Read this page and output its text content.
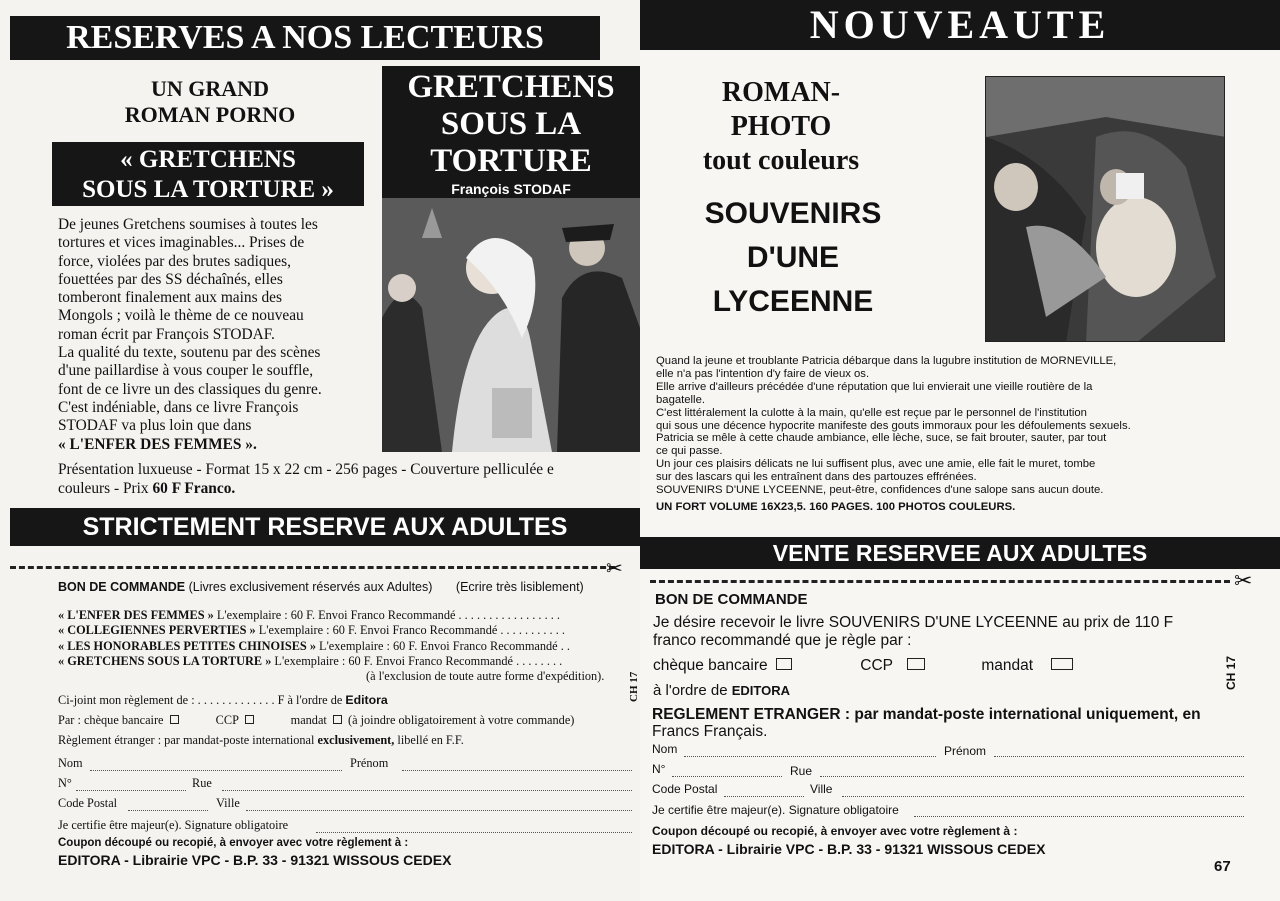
RESERVES A NOS LECTEURS
UN GRAND
ROMAN PORNO
« GRETCHENS
SOUS LA TORTURE »
GRETCHENS
SOUS LA
TORTURE
François STODAF
De jeunes Gretchens soumises à toutes les
tortures et vices imaginables... Prises de
force, violées par des brutes sadiques,
fouettées par des SS déchaînés, elles
tomberont finalement aux mains des
Mongols ; voilà le thème de ce nouveau
roman écrit par François STODAF.
La qualité du texte, soutenu par des scènes
d'une paillardise à vous couper le souffle,
font de ce livre un des classiques du genre.
C'est indéniable, dans ce livre François
STODAF va plus loin que dans
« L'ENFER DES FEMMES ».
Présentation luxueuse - Format 15 x 22 cm - 256 pages - Couverture pelliculée e
couleurs - Prix 60 F Franco.
STRICTEMENT RESERVE AUX ADULTES
✂
BON DE COMMANDE (Livres exclusivement réservés aux Adultes) (Ecrire très lisiblement)
« L'ENFER DES FEMMES » L'exemplaire : 60 F. Envoi Franco Recommandé . . . . . . . . . . . . . . . . .
« COLLEGIENNES PERVERTIES » L'exemplaire : 60 F. Envoi Franco Recommandé . . . . . . . . . . .
« LES HONORABLES PETITES CHINOISES » L'exemplaire : 60 F. Envoi Franco Recommandé . .
« GRETCHENS SOUS LA TORTURE » L'exemplaire : 60 F. Envoi Franco Recommandé . . . . . . . .
(à l'exclusion de toute autre forme d'expédition).
Ci-joint mon règlement de : . . . . . . . . . . . . . F à l'ordre de Editora
Par : chèque bancaire	CCP	mandat (à joindre obligatoirement à votre commande)
Règlement étranger : par mandat-poste international exclusivement, libellé en F.F.
CH 17
Nom	Prénom
N°	Rue
Code Postal	Ville
Je certifie être majeur(e). Signature obligatoire
Coupon découpé ou recopié, à envoyer avec votre règlement à :
EDITORA - Librairie VPC - B.P. 33 - 91321 WISSOUS CEDEX
NOUVEAUTE
ROMAN-PHOTO
tout couleurs
SOUVENIRS
D'UNE
LYCEENNE
Quand la jeune et troublante Patricia débarque dans la lugubre institution de MORNEVILLE,
elle n'a pas l'intention d'y faire de vieux os.
Elle arrive d'ailleurs précédée d'une réputation que lui envierait une vieille routière de la
bagatelle.
C'est littéralement la culotte à la main, qu'elle est reçue par le personnel de l'institution
qui sous une décence hypocrite manifeste des gouts immoraux pour les défoulements sexuels.
Patricia se mêle à cette chaude ambiance, elle lèche, suce, se fait brouter, sauter, par tout
ce qui passe.
Un jour ces plaisirs délicats ne lui suffisent plus, avec une amie, elle fait le muret, tombe
sur des lascars qui les entraînent dans des partouzes effrénées.
SOUVENIRS D'UNE LYCEENNE, peut-être, confidences d'une salope sans aucun doute.
UN FORT VOLUME 16X23,5. 160 PAGES. 100 PHOTOS COULEURS.
VENTE RESERVEE AUX ADULTES
✂
BON DE COMMANDE
Je désire recevoir le livre SOUVENIRS D'UNE LYCEENNE au prix de 110 F
franco recommandé que je règle par :
chèque bancaire	CCP	mandat	CH 17
à l'ordre de EDITORA
REGLEMENT ETRANGER : par mandat-poste international uniquement, en
Francs Français.
Nom	Prénom
N°	Rue
Code Postal	Ville
Je certifie être majeur(e). Signature obligatoire
Coupon découpé ou recopié, à envoyer avec votre règlement à :
EDITORA - Librairie VPC - B.P. 33 - 91321 WISSOUS CEDEX
67
